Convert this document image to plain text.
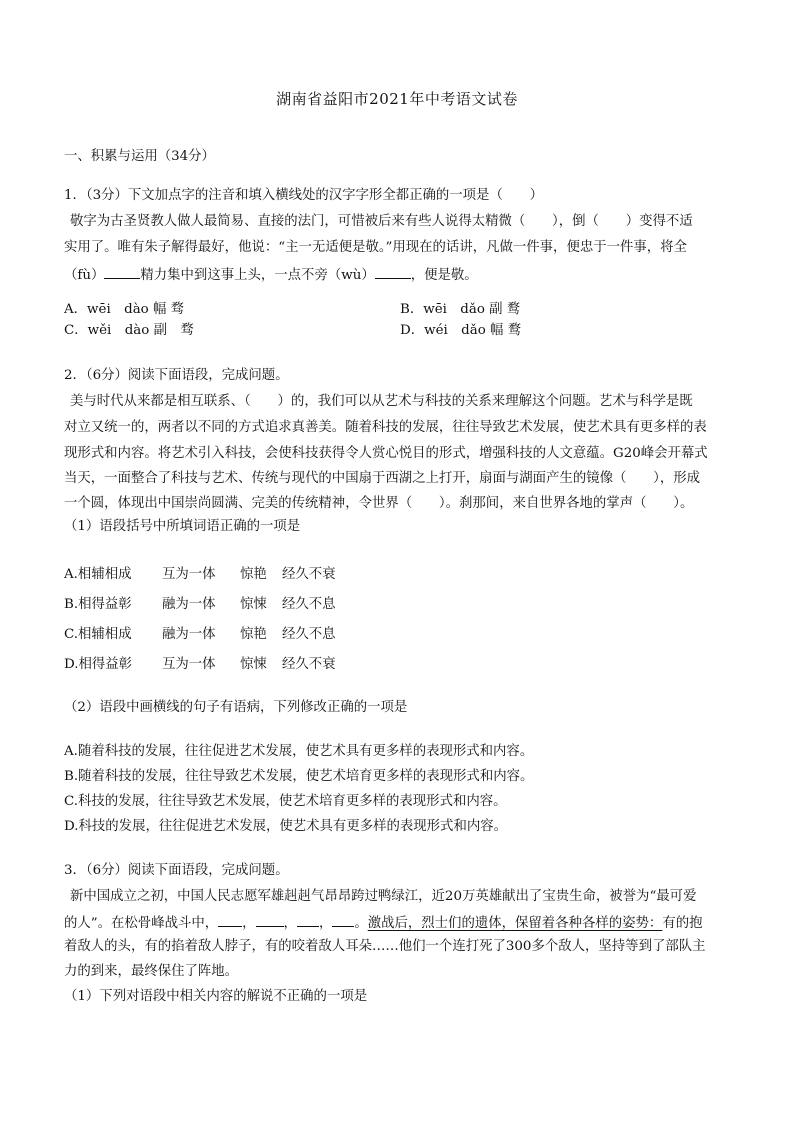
湖南省益阳市2021年中考语文试卷
一、积累与运用（34分）
1．（3分）下文加点字的注音和填入横线处的汉字字形全都正确的一项是（　　）
敬字为古圣贤教人做人最简易、直接的法门，可惜被后来有些人说得太精微（　　），倒（　　）变得不适
实用了。唯有朱子解得最好，他说：“主一无适便是敬。”用现在的话讲，凡做一件事，便忠于一件事，将全
（fù）	精力集中到这事上头，一点不旁（wù）	，便是敬。
A．wēi　dào 幅 骛	B．wēi　dǎo 副 鹜
C．wěi　dào 副　骛	D．wéi　dǎo 幅 鹜
2．（6分）阅读下面语段，完成问题。
美与时代从来都是相互联系、（　　）的，我们可以从艺术与科技的关系来理解这个问题。艺术与科学是既
对立又统一的，两者以不同的方式追求真善美。随着科技的发展，往往导致艺术发展，使艺术具有更多样的表
现形式和内容。将艺术引入科技，会使科技获得令人赏心悦目的形式，增强科技的人文意蕴。G20峰会开幕式
当天，一面整合了科技与艺术、传统与现代的中国扇于西湖之上打开，扇面与湖面产生的镜像（　　），形成
一个圆，体现出中国崇尚圆满、完美的传统精神，令世界（　　）。刹那间，来自世界各地的掌声（　　）。
（1）语段括号中所填词语正确的一项是
A.相辅相成 互为一体 惊艳 经久不衰
B.相得益彰 融为一体 惊悚 经久不息
C.相辅相成 融为一体 惊艳 经久不息
D.相得益彰 互为一体 惊悚 经久不衰
（2）语段中画横线的句子有语病，下列修改正确的一项是
A.随着科技的发展，往往促进艺术发展，使艺术具有更多样的表现形式和内容。
B.随着科技的发展，往往导致艺术发展，使艺术培育更多样的表现形式和内容。
C.科技的发展，往往导致艺术发展，使艺术培育更多样的表现形式和内容。
D.科技的发展，往往促进艺术发展，使艺术具有更多样的表现形式和内容。
3．（6分）阅读下面语段，完成问题。
新中国成立之初，中国人民志愿军雄赳赳气昂昂跨过鸭绿江，近20万英雄献出了宝贵生命，被誉为“最可爱
的人”。在松骨峰战斗中， ， ， ， 。激战后，烈士们的遗体，保留着各种各样的姿势：有的抱
着敌人的头，有的掐着敌人脖子，有的咬着敌人耳朵……他们一个连打死了300多个敌人，坚持等到了部队主
力的到来，最终保住了阵地。
（1）下列对语段中相关内容的解说不正确的一项是
